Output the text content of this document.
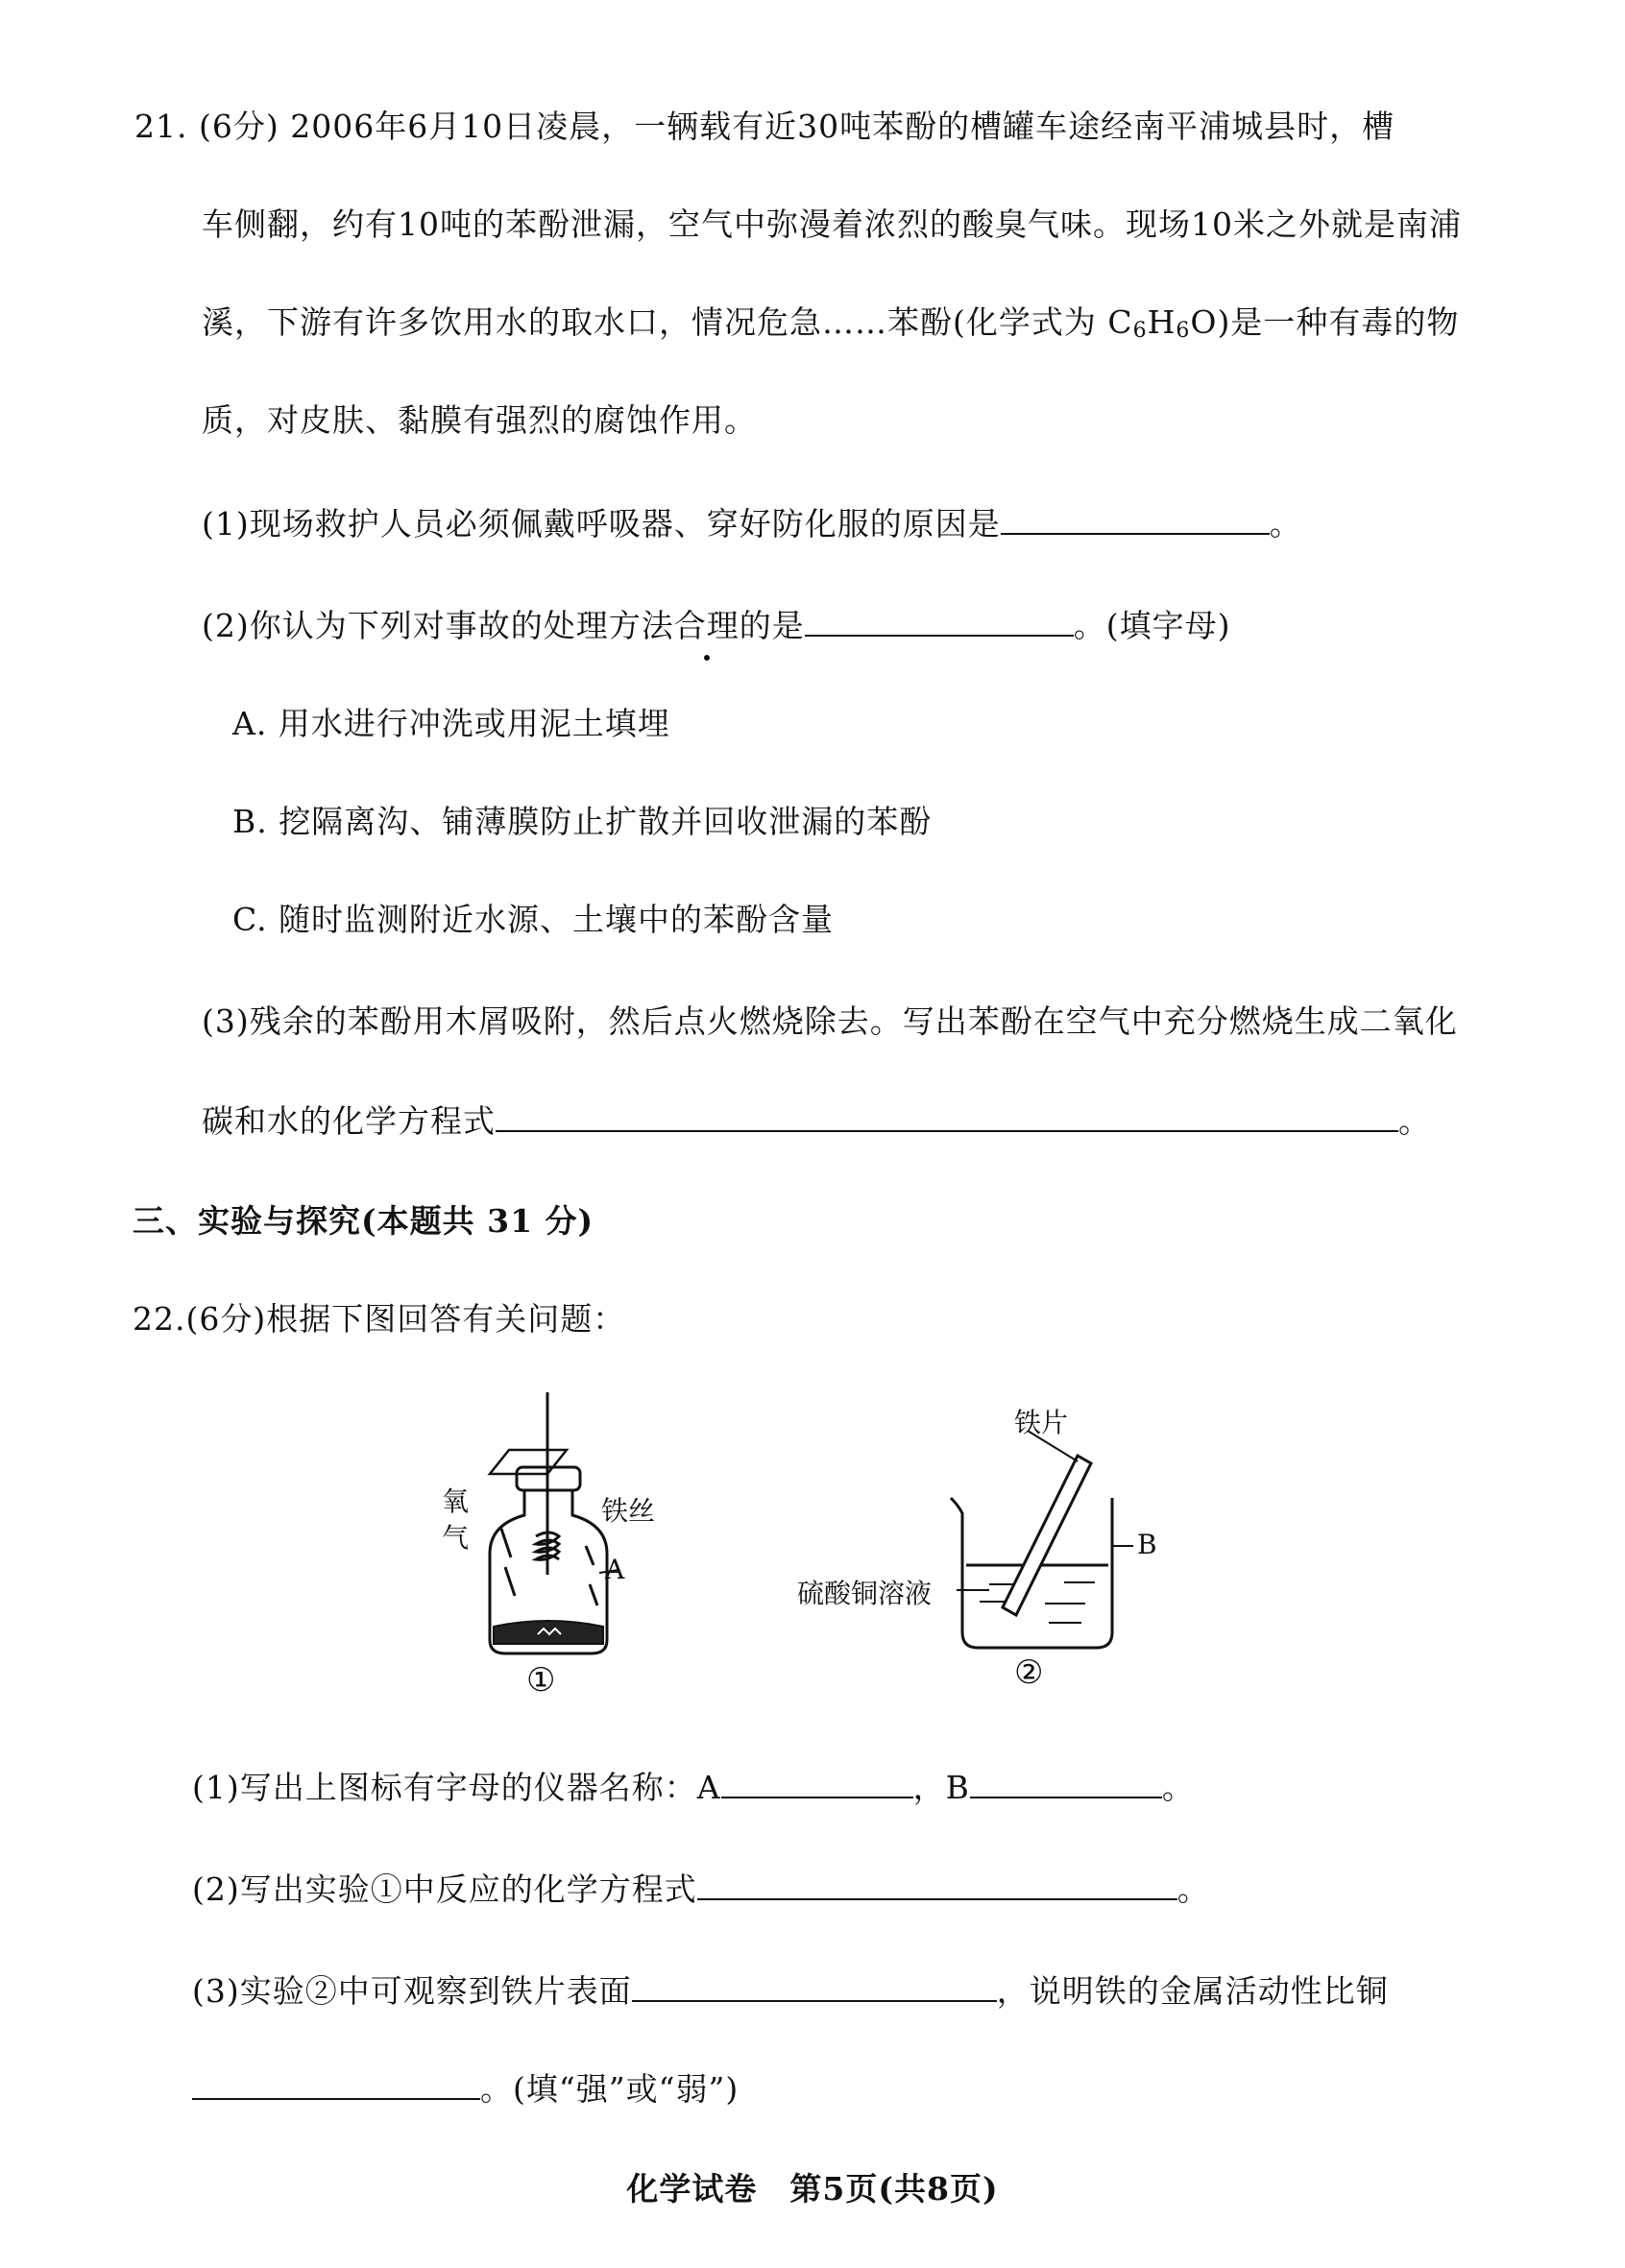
21. (6分) 2006年6月10日凌晨，一辆载有近30吨苯酚的槽罐车途经南平浦城县时，槽
车侧翻，约有10吨的苯酚泄漏，空气中弥漫着浓烈的酸臭气味。现场10米之外就是南浦
溪，下游有许多饮用水的取水口，情况危急……苯酚(化学式为 $C_6H_6O$)是一种有毒的物
质，对皮肤、黏膜有强烈的腐蚀作用。
(1)现场救护人员必须佩戴呼吸器、穿好防化服的原因是	。
(2)你认为下列对事故的处理方法合理的是	。(填字母)
A. 用水进行冲洗或用泥土填埋
B. 挖隔离沟、铺薄膜防止扩散并回收泄漏的苯酚
C. 随时监测附近水源、土壤中的苯酚含量
(3)残余的苯酚用木屑吸附，然后点火燃烧除去。写出苯酚在空气中充分燃烧生成二氧化
碳和水的化学方程式	。
三、实验与探究(本题共 31 分)
22.(6分)根据下图回答有关问题：
氧
气
铁丝
A
①
铁片
B
硫酸铜溶液
②
(1)写出上图标有字母的仪器名称：A	，B	。
(2)写出实验①中反应的化学方程式	。
(3)实验②中可观察到铁片表面	，说明铁的金属活动性比铜
。(填“强”或“弱”)
化学试卷　第5页(共8页)
